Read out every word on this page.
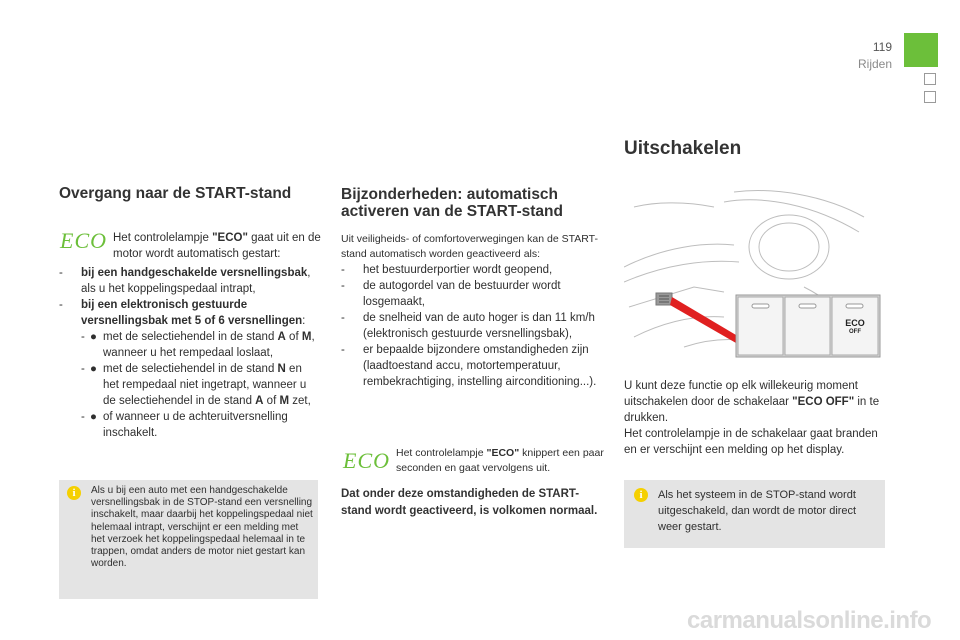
119
Rijden
Overgang naar de START-stand
ECO Het controlelampje "ECO" gaat uit en de motor wordt automatisch gestart:
- bij een handgeschakelde versnellingsbak, als u het koppelingspedaal intrapt,
- bij een elektronisch gestuurde versnellingsbak met 5 of 6 versnellingen:
- ● met de selectiehendel in de stand A of M, wanneer u het rempedaal loslaat,
- ● met de selectiehendel in de stand N en het rempedaal niet ingetrapt, wanneer u de selectiehendel in de stand A of M zet,
- ● of wanneer u de achteruitversnelling inschakelt.
i	Als u bij een auto met een handgeschakelde versnellingsbak in de STOP-stand een versnelling inschakelt, maar daarbij het koppelingspedaal niet helemaal intrapt, verschijnt er een melding met het verzoek het koppelingspedaal helemaal in te trappen, omdat anders de motor niet gestart kan worden.
Bijzonderheden: automatisch activeren van de START-stand
Uit veiligheids- of comfortoverwegingen kan de START-stand automatisch worden geactiveerd als:
- het bestuurderportier wordt geopend,
- de autogordel van de bestuurder wordt losgemaakt,
- de snelheid van de auto hoger is dan 11 km/h (elektronisch gestuurde versnellingsbak),
- er bepaalde bijzondere omstandigheden zijn (laadtoestand accu, motortemperatuur, rembekrachtiging, instelling airconditioning...).
ECO Het controlelampje "ECO" knippert een paar seconden en gaat vervolgens uit.
Dat onder deze omstandigheden de START-stand wordt geactiveerd, is volkomen normaal.
Uitschakelen
ECO
OFF
U kunt deze functie op elk willekeurig moment uitschakelen door de schakelaar "ECO OFF" in te drukken.
Het controlelampje in de schakelaar gaat branden en er verschijnt een melding op het display.
i	Als het systeem in de STOP-stand wordt uitgeschakeld, dan wordt de motor direct weer gestart.
carmanualsonline.info
